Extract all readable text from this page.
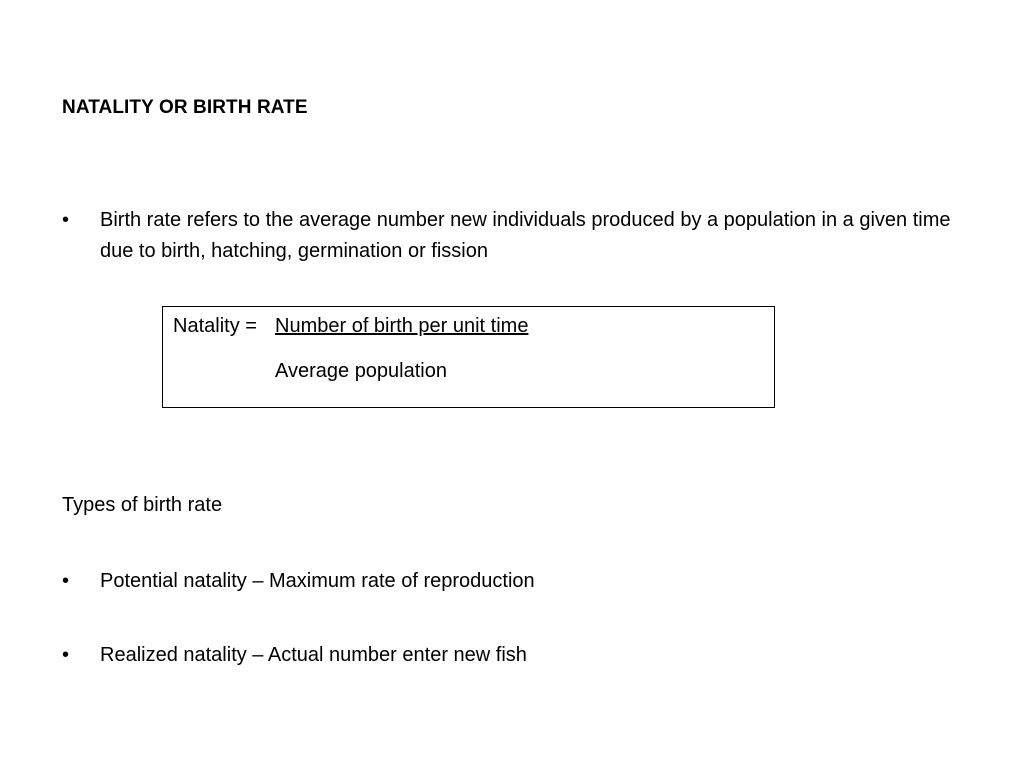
NATALITY OR BIRTH RATE
•	Birth rate refers to the average number new individuals produced by a population in a given time due to birth, hatching, germination or fission
Natality = Number of birth per unit time
Average population
Types of birth rate
•	Potential natality – Maximum rate of reproduction
•	Realized natality – Actual number enter new fish
